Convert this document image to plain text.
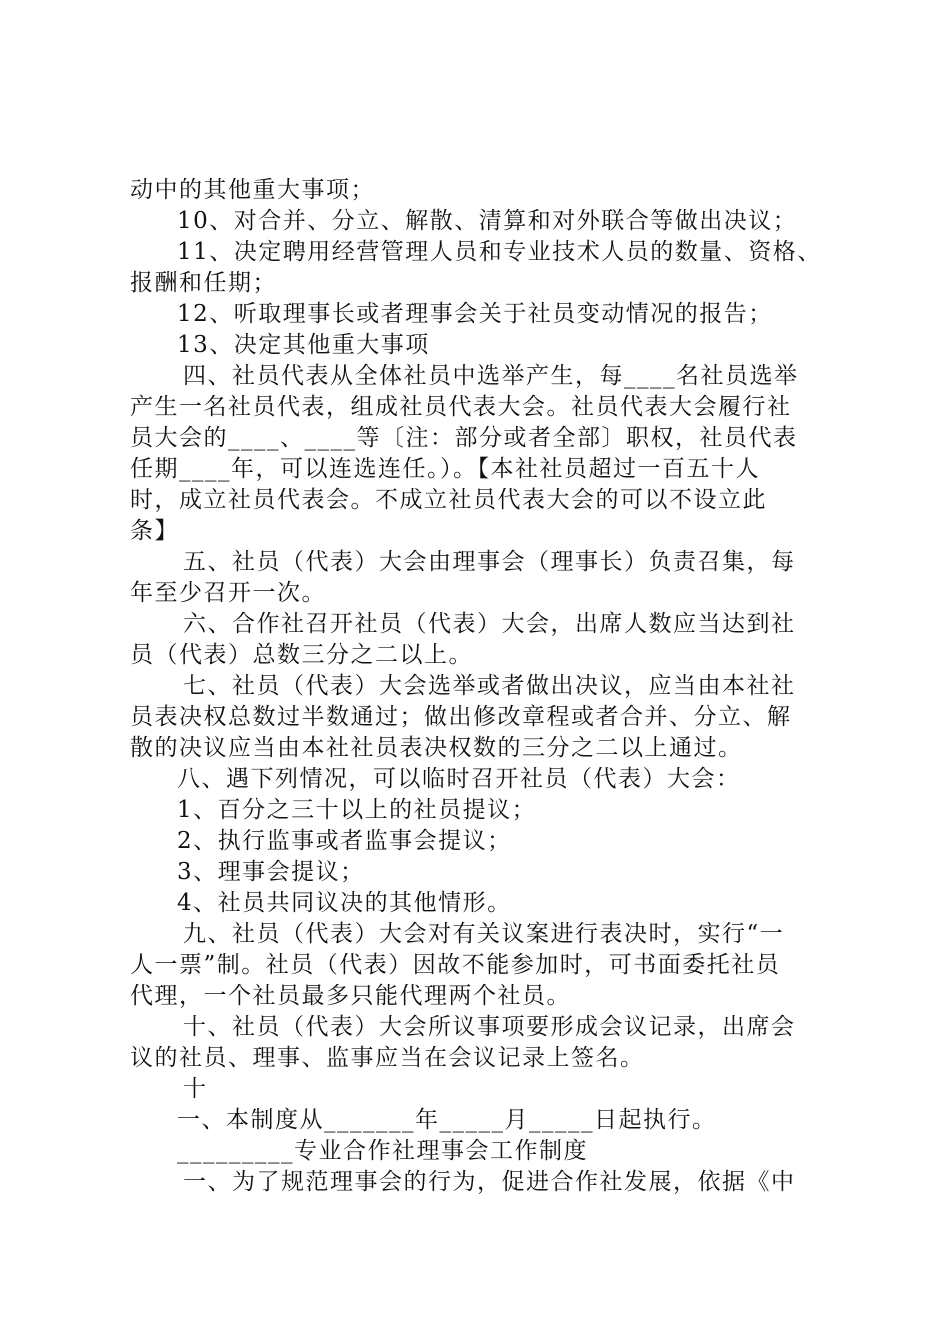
动中的其他重大事项；
10、对合并、分立、解散、清算和对外联合等做出决议；
11、决定聘用经营管理人员和专业技术人员的数量、资格、
报酬和任期；
12、听取理事长或者理事会关于社员变动情况的报告；
13、决定其他重大事项
四、社员代表从全体社员中选举产生，每____名社员选举
产生一名社员代表，组成社员代表大会。社员代表大会履行社
员大会的____、____等〔注：部分或者全部〕职权，社员代表
任期____年，可以连选连任。）。【本社社员超过一百五十人
时，成立社员代表会。不成立社员代表大会的可以不设立此
条】
五、社员（代表）大会由理事会（理事长）负责召集，每
年至少召开一次。
六、合作社召开社员（代表）大会，出席人数应当达到社
员（代表）总数三分之二以上。
七、社员（代表）大会选举或者做出决议，应当由本社社
员表决权总数过半数通过；做出修改章程或者合并、分立、解
散的决议应当由本社社员表决权数的三分之二以上通过。
八、遇下列情况，可以临时召开社员（代表）大会：
1、百分之三十以上的社员提议；
2、执行监事或者监事会提议；
3、理事会提议；
4、社员共同议决的其他情形。
九、社员（代表）大会对有关议案进行表决时，实行“一
人一票”制。社员（代表）因故不能参加时，可书面委托社员
代理，一个社员最多只能代理两个社员。
十、社员（代表）大会所议事项要形成会议记录，出席会
议的社员、理事、监事应当在会议记录上签名。
十
一、本制度从_______年_____月_____日起执行。
_________专业合作社理事会工作制度
一、为了规范理事会的行为，促进合作社发展，依据《中
